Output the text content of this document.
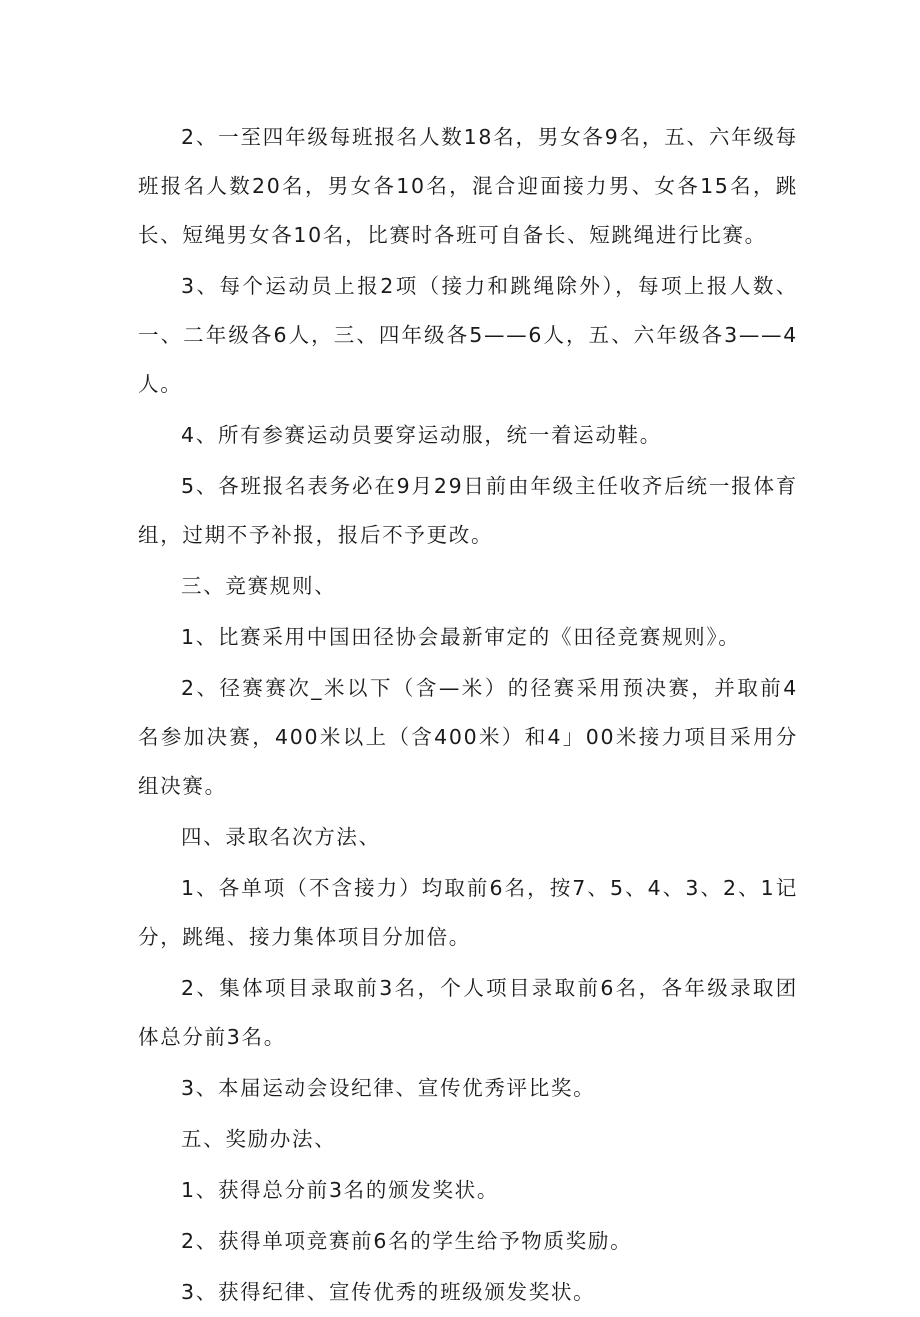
2、一至四年级每班报名人数18名，男女各9名，五、六年级每班报名人数20名，男女各10名，混合迎面接力男、女各15名，跳长、短绳男女各10名，比赛时各班可自备长、短跳绳进行比赛。

3、每个运动员上报2项（接力和跳绳除外），每项上报人数、一、二年级各6人，三、四年级各5——6人，五、六年级各3——4人。

4、所有参赛运动员要穿运动服，统一着运动鞋。

5、各班报名表务必在9月29日前由年级主任收齐后统一报体育组，过期不予补报，报后不予更改。

三、竞赛规则、

1、比赛采用中国田径协会最新审定的《田径竞赛规则》。

2、径赛赛次_米以下（含—米）的径赛采用预决赛，并取前4名参加决赛，400米以上（含400米）和4」00米接力项目采用分组决赛。

四、录取名次方法、

1、各单项（不含接力）均取前6名，按7、5、4、3、2、1记分，跳绳、接力集体项目分加倍。

2、集体项目录取前3名，个人项目录取前6名，各年级录取团体总分前3名。

3、本届运动会设纪律、宣传优秀评比奖。

五、奖励办法、

1、获得总分前3名的颁发奖状。

2、获得单项竞赛前6名的学生给予物质奖励。

3、获得纪律、宣传优秀的班级颁发奖状。
